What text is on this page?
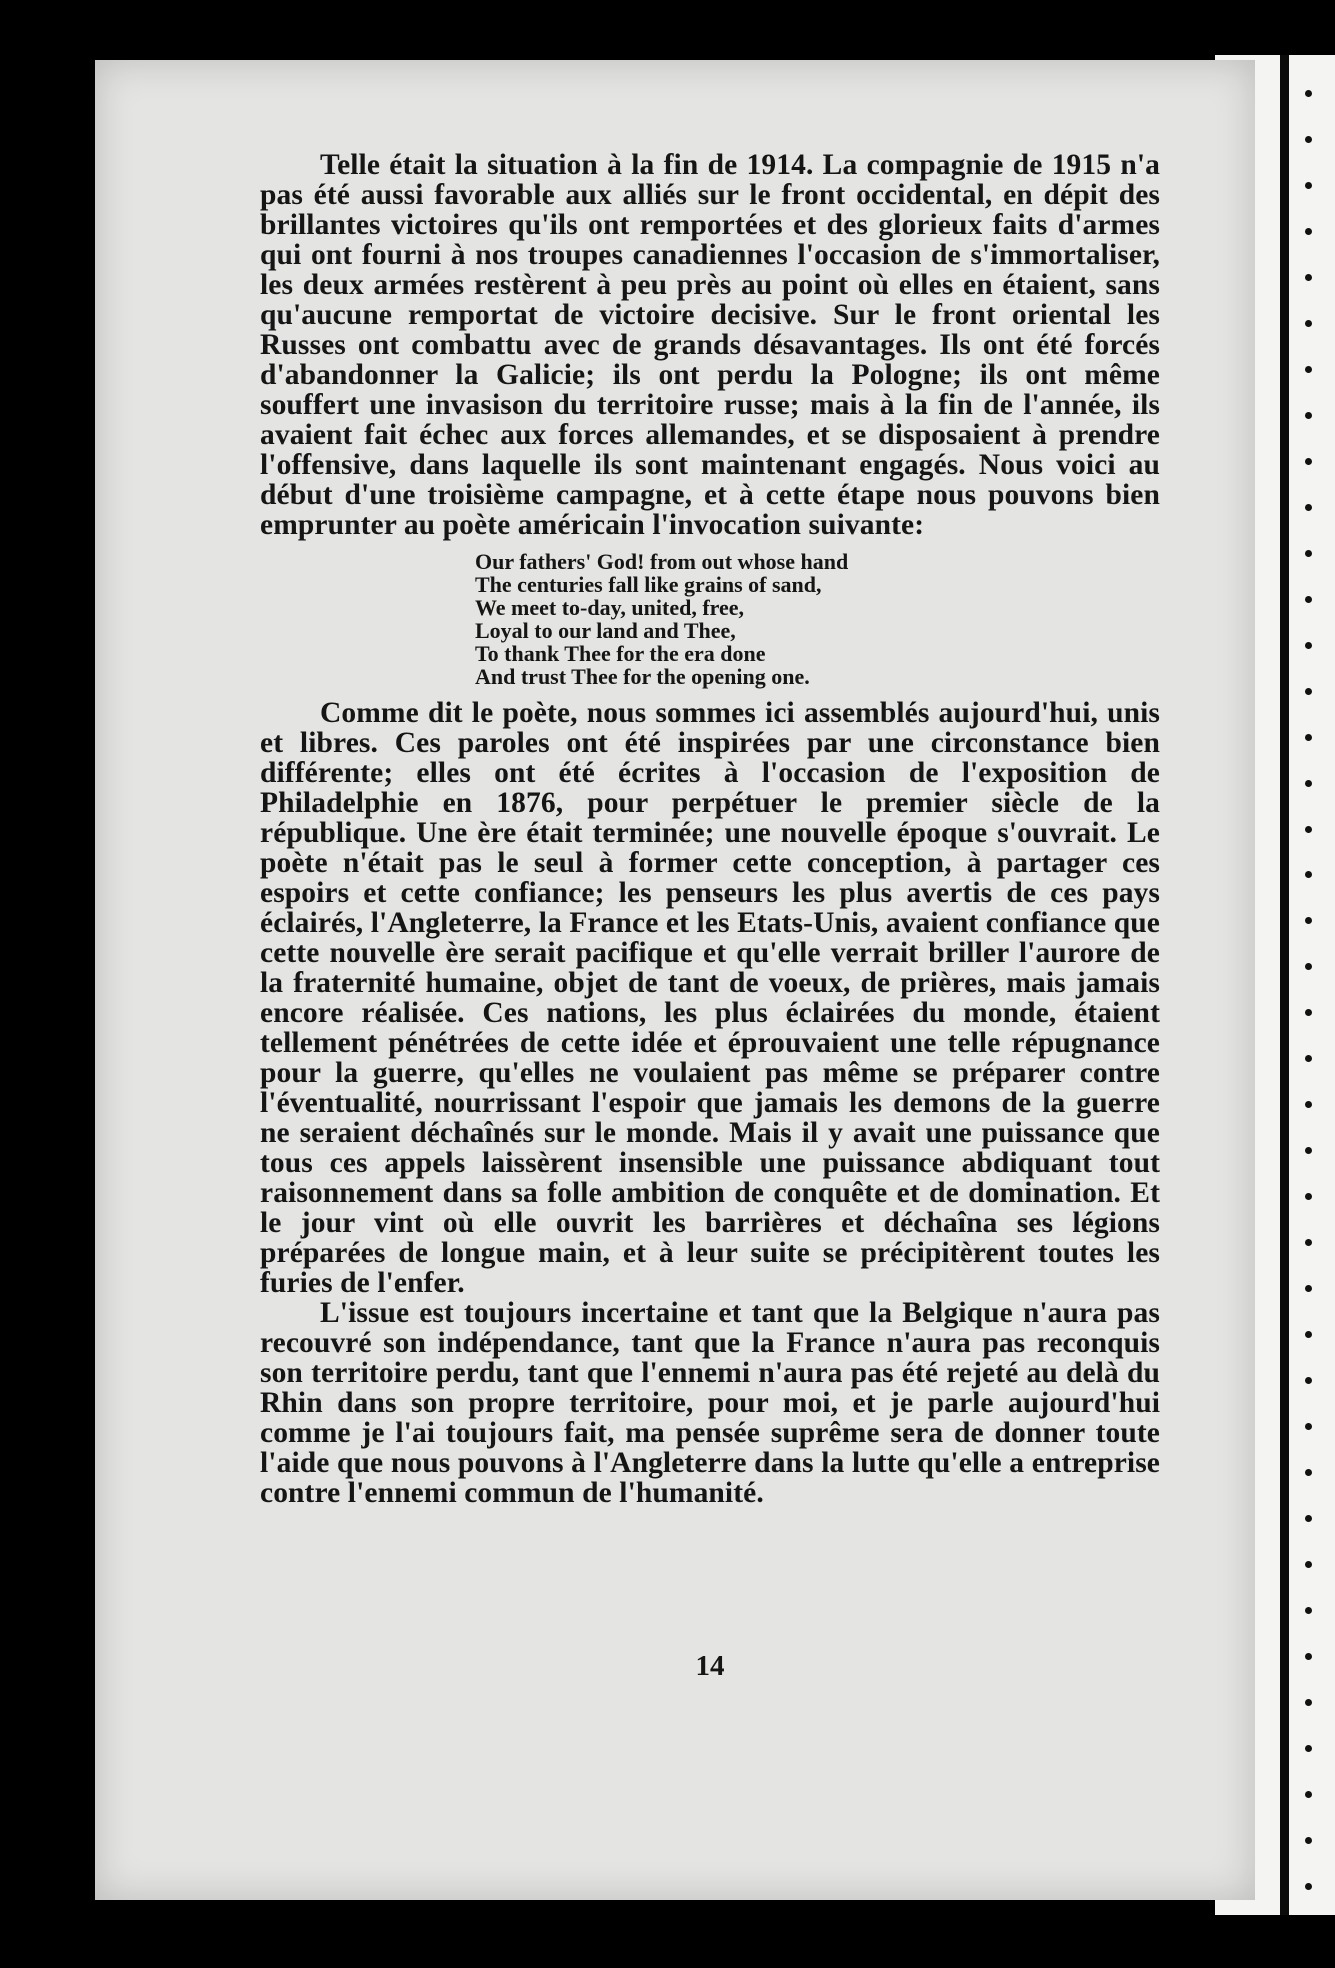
Telle était la situation à la fin de 1914. La compagnie de 1915 n'a pas été aussi favorable aux alliés sur le front occidental, en dépit des brillantes victoires qu'ils ont remportées et des glorieux faits d'armes qui ont fourni à nos troupes canadiennes l'occasion de s'immortaliser, les deux armées restèrent à peu près au point où elles en étaient, sans qu'aucune remportat de victoire decisive. Sur le front oriental les Russes ont combattu avec de grands désavantages. Ils ont été forcés d'abandonner la Galicie; ils ont perdu la Pologne; ils ont même souffert une invasison du territoire russe; mais à la fin de l'année, ils avaient fait échec aux forces allemandes, et se disposaient à prendre l'offensive, dans laquelle ils sont maintenant engagés. Nous voici au début d'une troisième campagne, et à cette étape nous pouvons bien emprunter au poète américain l'invocation suivante:

Our fathers' God! from out whose hand
The centuries fall like grains of sand,
We meet to-day, united, free,
Loyal to our land and Thee,
To thank Thee for the era done
And trust Thee for the opening one.

Comme dit le poète, nous sommes ici assemblés aujourd'hui, unis et libres. Ces paroles ont été inspirées par une circonstance bien différente; elles ont été écrites à l'occasion de l'exposition de Philadelphie en 1876, pour perpétuer le premier siècle de la république. Une ère était terminée; une nouvelle époque s'ouvrait. Le poète n'était pas le seul à former cette conception, à partager ces espoirs et cette confiance; les penseurs les plus avertis de ces pays éclairés, l'Angleterre, la France et les Etats-Unis, avaient confiance que cette nouvelle ère serait pacifique et qu'elle verrait briller l'aurore de la fraternité humaine, objet de tant de voeux, de prières, mais jamais encore réalisée. Ces nations, les plus éclairées du monde, étaient tellement pénétrées de cette idée et éprouvaient une telle répugnance pour la guerre, qu'elles ne voulaient pas même se préparer contre l'éventualité, nourrissant l'espoir que jamais les demons de la guerre ne seraient déchaînés sur le monde. Mais il y avait une puissance que tous ces appels laissèrent insensible une puissance abdiquant tout raisonnement dans sa folle ambition de conquête et de domination. Et le jour vint où elle ouvrit les barrières et déchaîna ses légions préparées de longue main, et à leur suite se précipitèrent toutes les furies de l'enfer.

L'issue est toujours incertaine et tant que la Belgique n'aura pas recouvré son indépendance, tant que la France n'aura pas reconquis son territoire perdu, tant que l'ennemi n'aura pas été rejeté au delà du Rhin dans son propre territoire, pour moi, et je parle aujourd'hui comme je l'ai toujours fait, ma pensée suprême sera de donner toute l'aide que nous pouvons à l'Angleterre dans la lutte qu'elle a entreprise contre l'ennemi commun de l'humanité.

14
